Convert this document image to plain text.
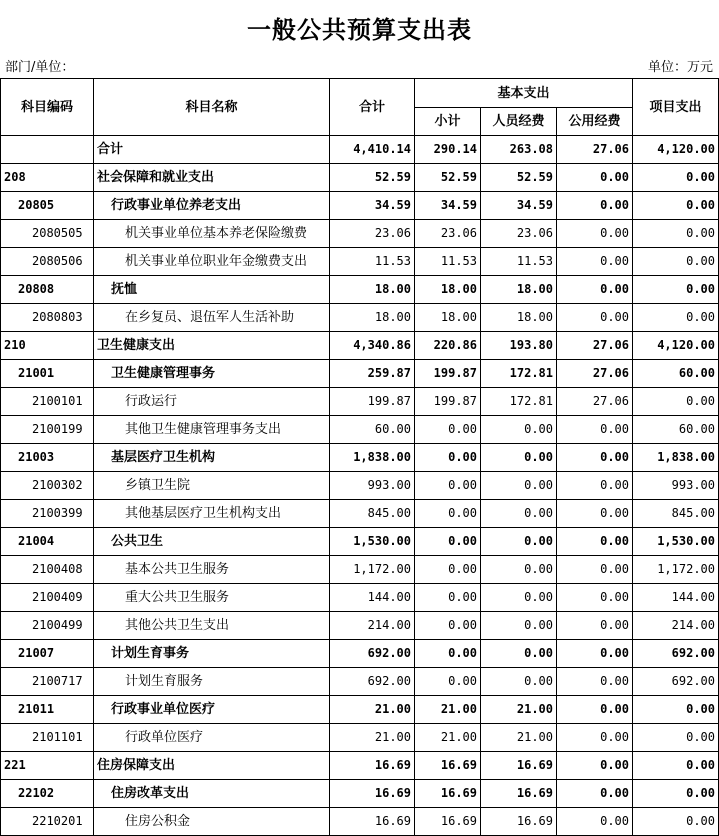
一般公共预算支出表
部门/单位：	单位：万元
科目编码	科目名称	合计	基本支出			项目支出
			小计	人员经费	公用经费	
	合计	4,410.14	290.14	263.08	27.06	4,120.00
208	社会保障和就业支出	52.59	52.59	52.59	0.00	0.00
20805	行政事业单位养老支出	34.59	34.59	34.59	0.00	0.00
2080505	机关事业单位基本养老保险缴费	23.06	23.06	23.06	0.00	0.00
2080506	机关事业单位职业年金缴费支出	11.53	11.53	11.53	0.00	0.00
20808	抚恤	18.00	18.00	18.00	0.00	0.00
2080803	在乡复员、退伍军人生活补助	18.00	18.00	18.00	0.00	0.00
210	卫生健康支出	4,340.86	220.86	193.80	27.06	4,120.00
21001	卫生健康管理事务	259.87	199.87	172.81	27.06	60.00
2100101	行政运行	199.87	199.87	172.81	27.06	0.00
2100199	其他卫生健康管理事务支出	60.00	0.00	0.00	0.00	60.00
21003	基层医疗卫生机构	1,838.00	0.00	0.00	0.00	1,838.00
2100302	乡镇卫生院	993.00	0.00	0.00	0.00	993.00
2100399	其他基层医疗卫生机构支出	845.00	0.00	0.00	0.00	845.00
21004	公共卫生	1,530.00	0.00	0.00	0.00	1,530.00
2100408	基本公共卫生服务	1,172.00	0.00	0.00	0.00	1,172.00
2100409	重大公共卫生服务	144.00	0.00	0.00	0.00	144.00
2100499	其他公共卫生支出	214.00	0.00	0.00	0.00	214.00
21007	计划生育事务	692.00	0.00	0.00	0.00	692.00
2100717	计划生育服务	692.00	0.00	0.00	0.00	692.00
21011	行政事业单位医疗	21.00	21.00	21.00	0.00	0.00
2101101	行政单位医疗	21.00	21.00	21.00	0.00	0.00
221	住房保障支出	16.69	16.69	16.69	0.00	0.00
22102	住房改革支出	16.69	16.69	16.69	0.00	0.00
2210201	住房公积金	16.69	16.69	16.69	0.00	0.00
